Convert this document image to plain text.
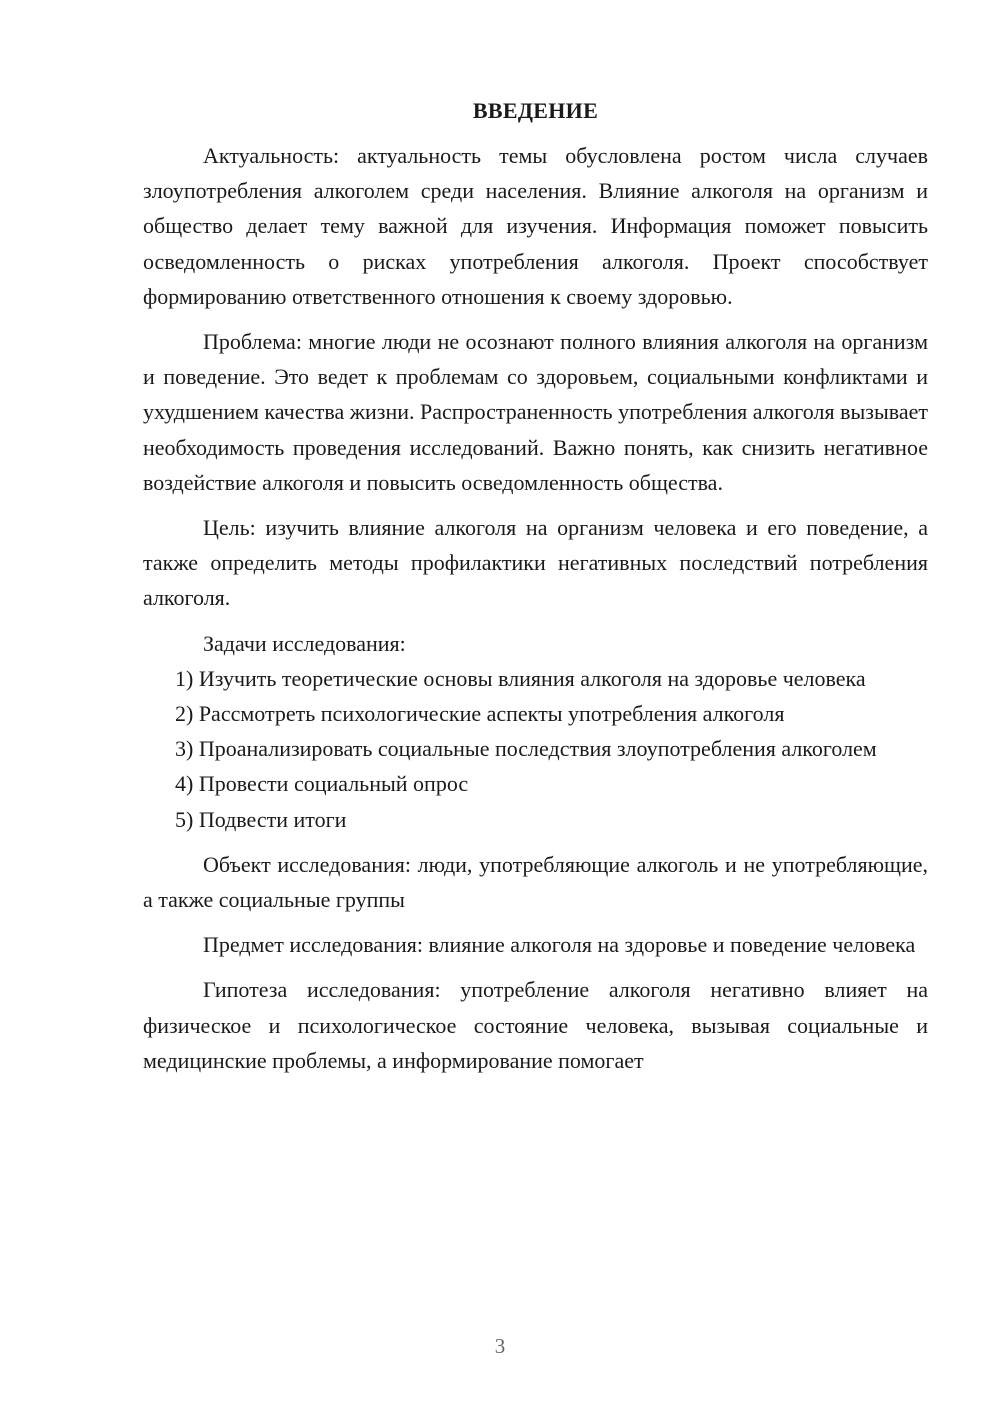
ВВЕДЕНИЕ

Актуальность: актуальность темы обусловлена ростом числа случаев злоупотребления алкоголем среди населения. Влияние алкоголя на организм и общество делает тему важной для изучения. Информация поможет повысить осведомленность о рисках употребления алкоголя. Проект способствует формированию ответственного отношения к своему здоровью.

Проблема: многие люди не осознают полного влияния алкоголя на организм и поведение. Это ведет к проблемам со здоровьем, социальными конфликтами и ухудшением качества жизни. Распространенность употребления алкоголя вызывает необходимость проведения исследований. Важно понять, как снизить негативное воздействие алкоголя и повысить осведомленность общества.

Цель: изучить влияние алкоголя на организм человека и его поведение, а также определить методы профилактики негативных последствий потребления алкоголя.

Задачи исследования:

1) Изучить теоретические основы влияния алкоголя на здоровье человека

2) Рассмотреть психологические аспекты употребления алкоголя

3) Проанализировать социальные последствия злоупотребления алкоголем

4) Провести социальный опрос

5) Подвести итоги

Объект исследования: люди, употребляющие алкоголь и не употребляющие, а также социальные группы

Предмет исследования: влияние алкоголя на здоровье и поведение человека

Гипотеза исследования: употребление алкоголя негативно влияет на физическое и психологическое состояние человека, вызывая социальные и медицинские проблемы, а информирование помогает

3
